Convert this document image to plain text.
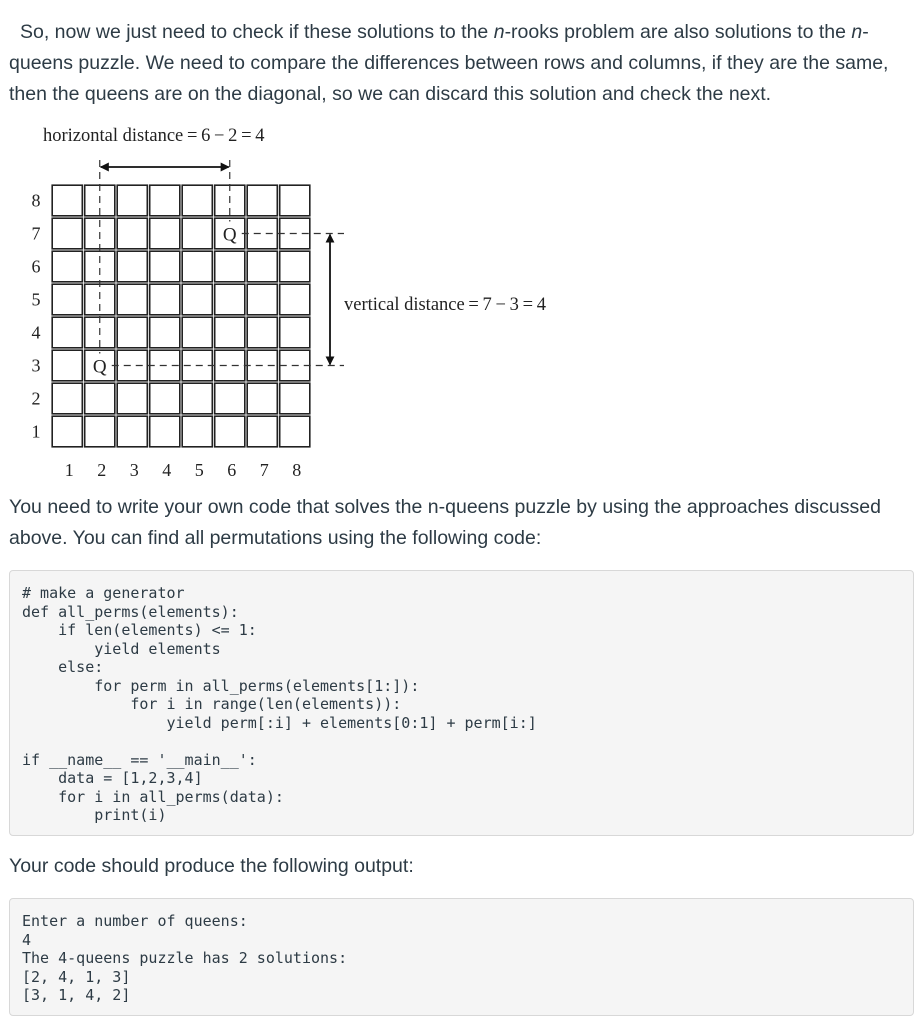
So, now we just need to check if these solutions to the n-rooks problem are also solutions to the n-queens puzzle. We need to compare the differences between rows and columns, if they are the same, then the queens are on the diagonal, so we can discard this solution and check the next.

horizontal distance = 6 − 2 = 4
vertical distance = 7 − 3 = 4
8
7
6
5
4
3
2
1
1 2 3 4 5 6 7 8
Q
Q

You need to write your own code that solves the n-queens puzzle by using the approaches discussed above. You can find all permutations using the following code:

# make a generator
def all_perms(elements):
if len(elements) <= 1:
yield elements
else:
for perm in all_perms(elements[1:]):
for i in range(len(elements)):
yield perm[:i] + elements[0:1] + perm[i:]

if __name__ == '__main__':
data = [1,2,3,4]
for i in all_perms(data):
print(i)

Your code should produce the following output:

Enter a number of queens:
4
The 4-queens puzzle has 2 solutions:
[2, 4, 1, 3]
[3, 1, 4, 2]
